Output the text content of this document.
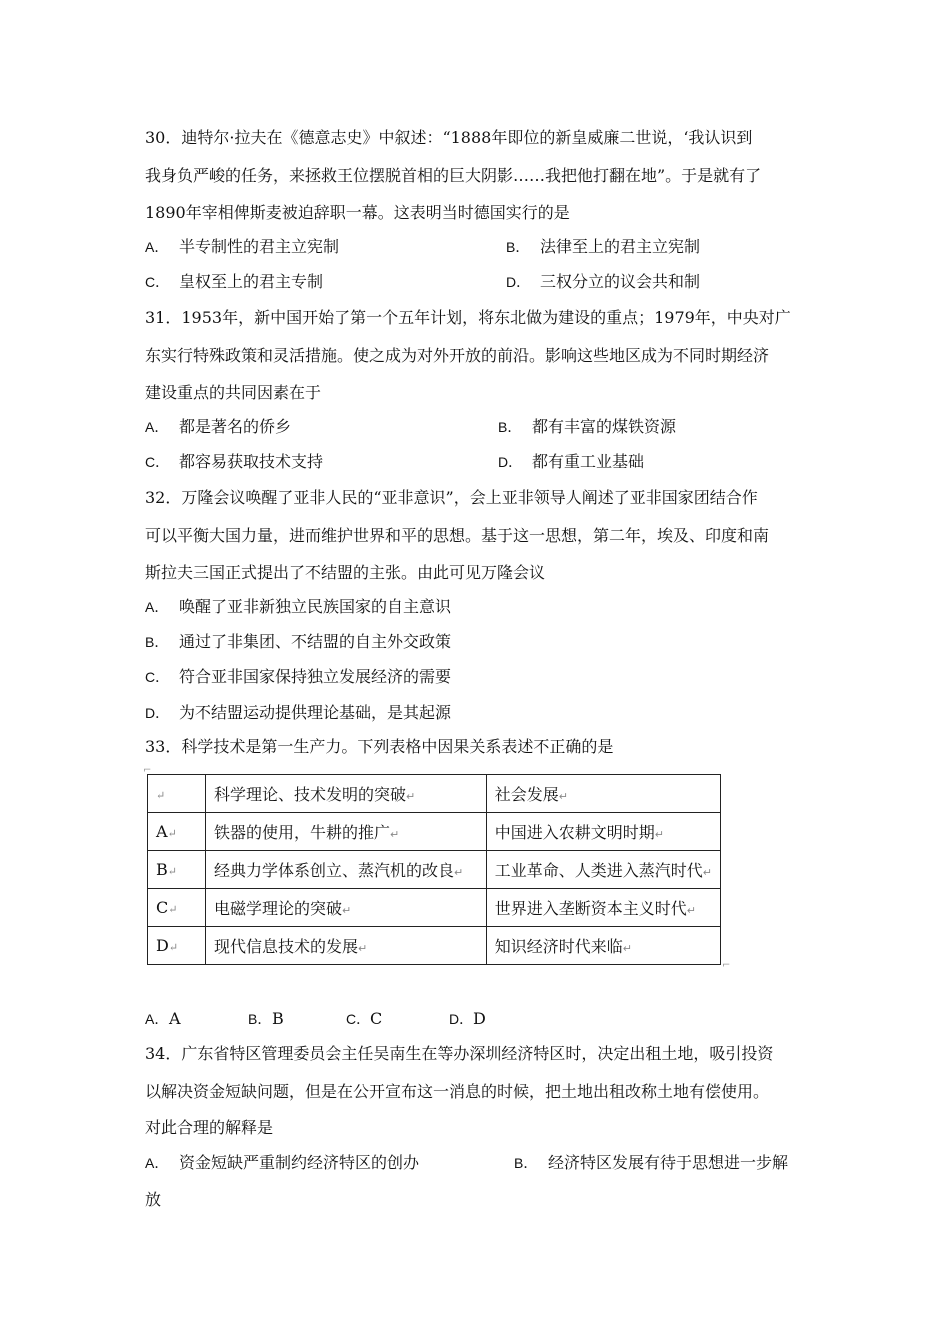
30．迪特尔·拉夫在《德意志史》中叙述：“1888年即位的新皇威廉二世说，‘我认识到
我身负严峻的任务，来拯救王位摆脱首相的巨大阴影……我把他打翻在地”。于是就有了
1890年宰相俾斯麦被迫辞职一幕。这表明当时德国实行的是
A． 半专制性的君主立宪制	B． 法律至上的君主立宪制
C． 皇权至上的君主专制	D． 三权分立的议会共和制
31．1953年，新中国开始了第一个五年计划，将东北做为建设的重点；1979年，中央对广
东实行特殊政策和灵活措施。使之成为对外开放的前沿。影响这些地区成为不同时期经济
建设重点的共同因素在于
A． 都是著名的侨乡	B． 都有丰富的煤铁资源
C． 都容易获取技术支持	D． 都有重工业基础
32．万隆会议唤醒了亚非人民的“亚非意识”，会上亚非领导人阐述了亚非国家团结合作
可以平衡大国力量，进而维护世界和平的思想。基于这一思想，第二年，埃及、印度和南
斯拉夫三国正式提出了不结盟的主张。由此可见万隆会议
A． 唤醒了亚非新独立民族国家的自主意识
B． 通过了非集团、不结盟的自主外交政策
C． 符合亚非国家保持独立发展经济的需要
D． 为不结盟运动提供理论基础，是其起源
33．科学技术是第一生产力。下列表格中因果关系表述不正确的是
⌐
↵	科学理论、技术发明的突破↵	社会发展↵
A↵	铁器的使用，牛耕的推广↵	中国进入农耕文明时期↵
B↵	经典力学体系创立、蒸汽机的改良↵	工业革命、人类进入蒸汽时代↵
C↵	电磁学理论的突破↵	世界进入垄断资本主义时代↵
D↵	现代信息技术的发展↵	知识经济时代来临↵
⌐
A．A	B．B	C．C	D．D
34．广东省特区管理委员会主任吴南生在等办深圳经济特区时，决定出租土地，吸引投资
以解决资金短缺问题，但是在公开宣布这一消息的时候，把土地出租改称土地有偿使用。
对此合理的解释是
A． 资金短缺严重制约经济特区的创办	B． 经济特区发展有待于思想进一步解
放
